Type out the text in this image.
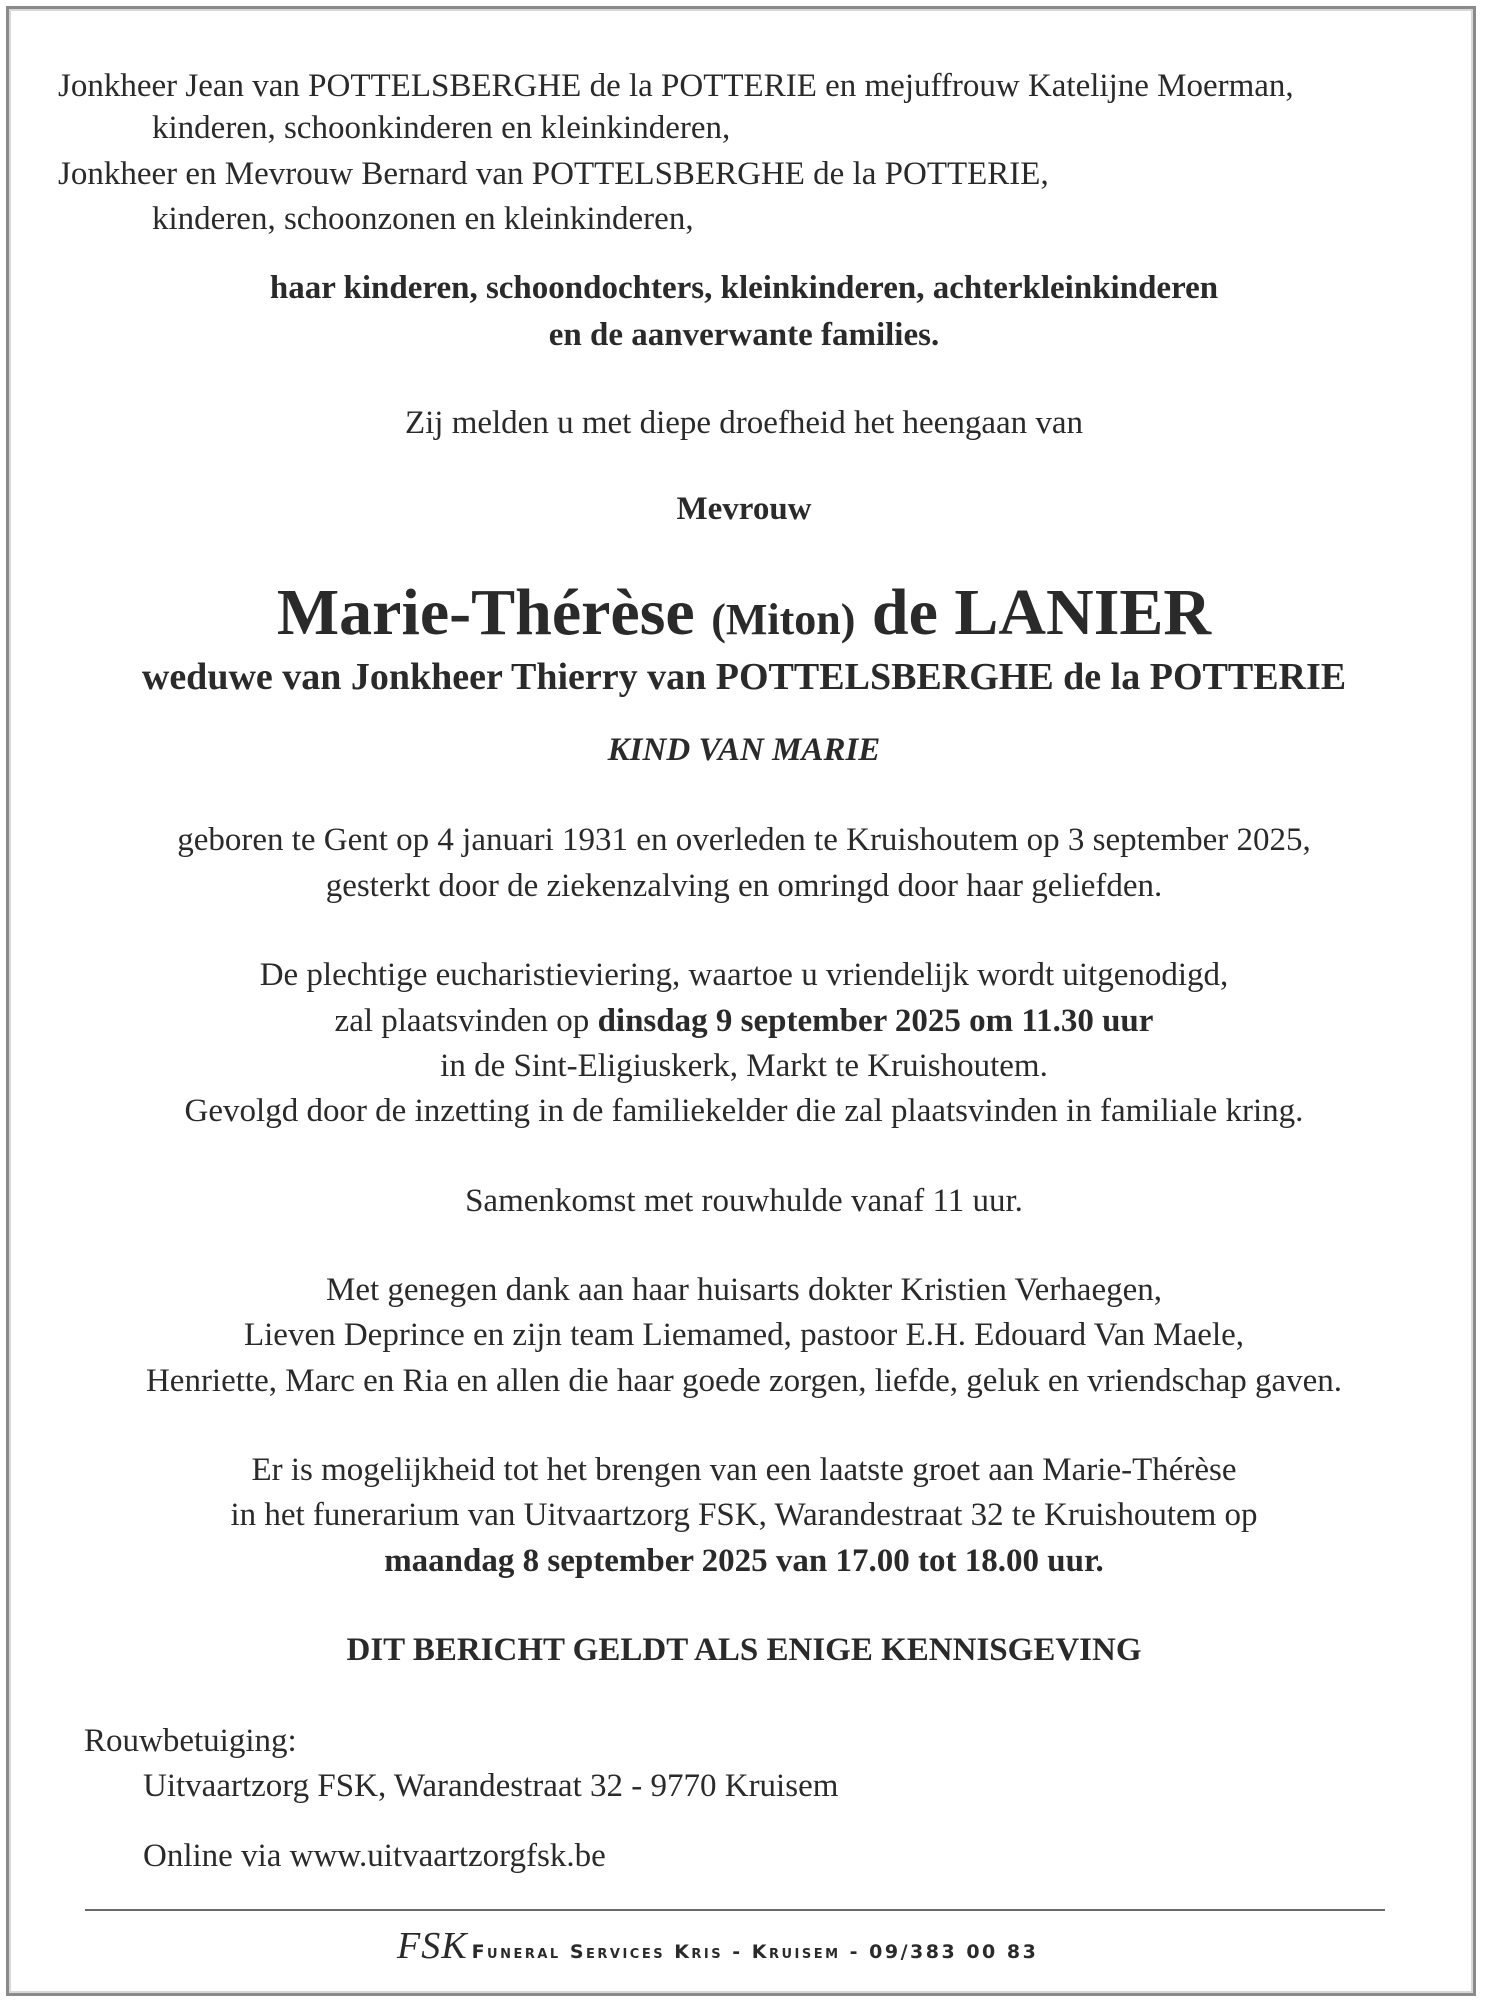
Jonkheer Jean van POTTELSBERGHE de la POTTERIE en mejuffrouw Katelijne Moerman,
kinderen, schoonkinderen en kleinkinderen,
Jonkheer en Mevrouw Bernard van POTTELSBERGHE de la POTTERIE,
kinderen, schoonzonen en kleinkinderen,
haar kinderen, schoondochters, kleinkinderen, achterkleinkinderen
en de aanverwante families.
Zij melden u met diepe droefheid het heengaan van
Mevrouw
Marie-Thérèse (Miton) de LANIER
weduwe van Jonkheer Thierry van POTTELSBERGHE de la POTTERIE
KIND VAN MARIE
geboren te Gent op 4 januari 1931 en overleden te Kruishoutem op 3 september 2025,
gesterkt door de ziekenzalving en omringd door haar geliefden.
De plechtige eucharistieviering, waartoe u vriendelijk wordt uitgenodigd,
zal plaatsvinden op dinsdag 9 september 2025 om 11.30 uur
in de Sint-Eligiuskerk, Markt te Kruishoutem.
Gevolgd door de inzetting in de familiekelder die zal plaatsvinden in familiale kring.
Samenkomst met rouwhulde vanaf 11 uur.
Met genegen dank aan haar huisarts dokter Kristien Verhaegen,
Lieven Deprince en zijn team Liemamed, pastoor E.H. Edouard Van Maele,
Henriette, Marc en Ria en allen die haar goede zorgen, liefde, geluk en vriendschap gaven.
Er is mogelijkheid tot het brengen van een laatste groet aan Marie-Thérèse
in het funerarium van Uitvaartzorg FSK, Warandestraat 32 te Kruishoutem op
maandag 8 september 2025 van 17.00 tot 18.00 uur.
DIT BERICHT GELDT ALS ENIGE KENNISGEVING
Rouwbetuiging:
Uitvaartzorg FSK, Warandestraat 32 - 9770 Kruisem
Online via www.uitvaartzorgfsk.be
FSK Funeral Services Kris - Kruisem - 09/383 00 83
